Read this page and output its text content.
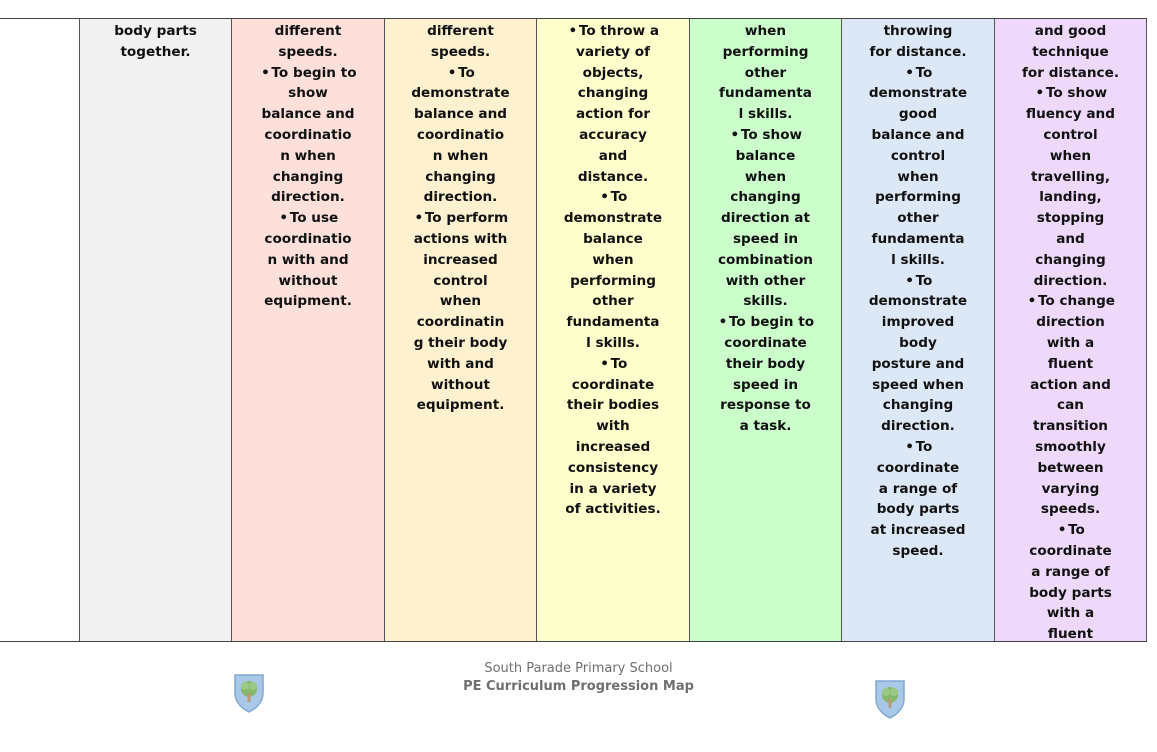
body parts
together.
different
speeds.
• To begin to
show
balance and
coordinatio
n when
changing
direction.
• To use
coordinatio
n with and
without
equipment.
different
speeds.
• To
demonstrate
balance and
coordinatio
n when
changing
direction.
• To perform
actions with
increased
control
when
coordinatin
g their body
with and
without
equipment.
• To throw a
variety of
objects,
changing
action for
accuracy
and
distance.
• To
demonstrate
balance
when
performing
other
fundamenta
l skills.
• To
coordinate
their bodies
with
increased
consistency
in a variety
of activities.
when
performing
other
fundamenta
l skills.
• To show
balance
when
changing
direction at
speed in
combination
with other
skills.
• To begin to
coordinate
their body
speed in
response to
a task.
throwing
for distance.
• To
demonstrate
good
balance and
control
when
performing
other
fundamenta
l skills.
• To
demonstrate
improved
body
posture and
speed when
changing
direction.
• To
coordinate
a range of
body parts
at increased
speed.
and good
technique
for distance.
• To show
fluency and
control
when
travelling,
landing,
stopping
and
changing
direction.
• To change
direction
with a
fluent
action and
can
transition
smoothly
between
varying
speeds.
• To
coordinate
a range of
body parts
with a
fluent
South Parade Primary School
PE Curriculum Progression Map
